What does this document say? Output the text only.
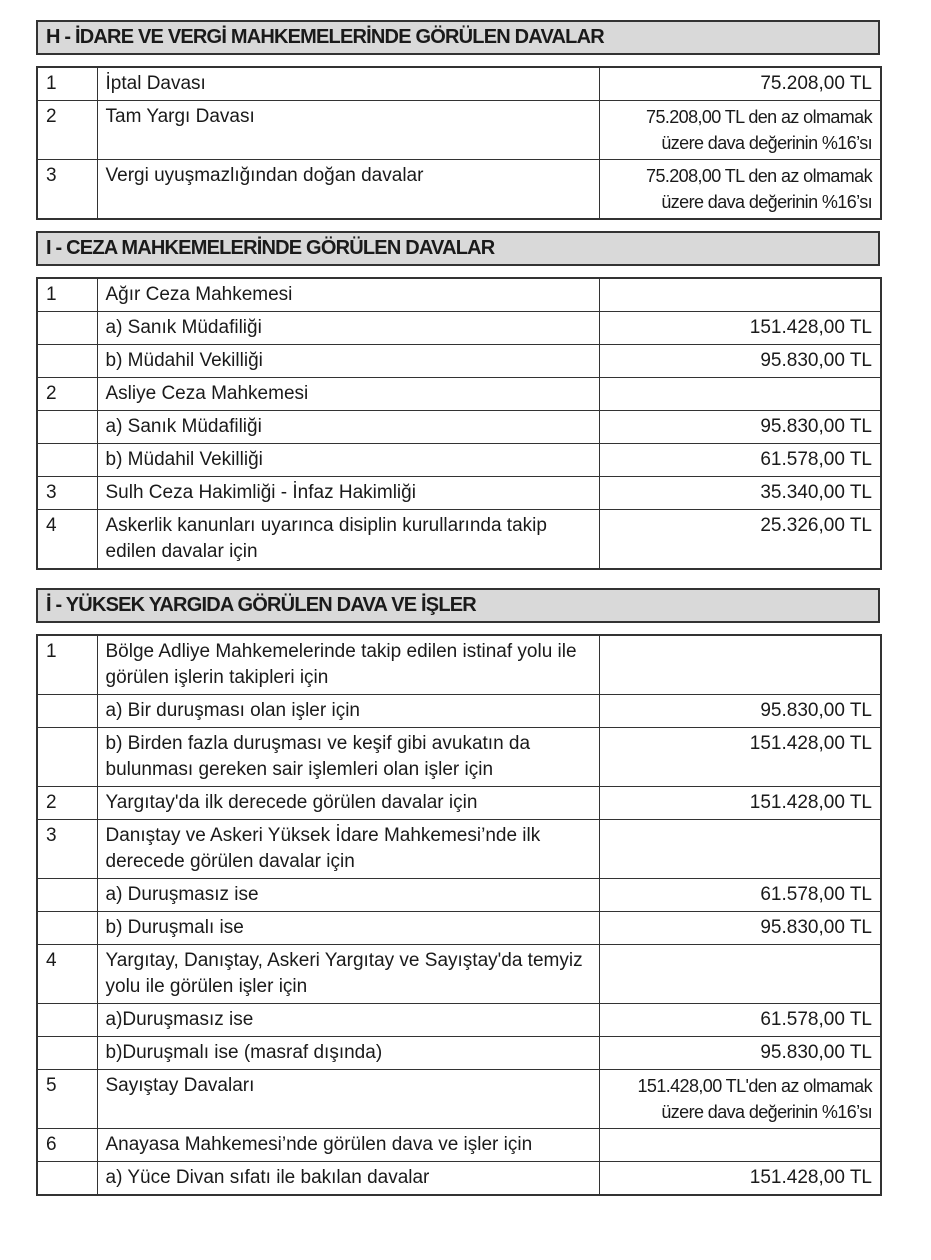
H - İDARE VE VERGİ MAHKEMELERİNDE GÖRÜLEN DAVALAR
1	İptal Davası	75.208,00 TL
2	Tam Yargı Davası	75.208,00 TL den az olmamak üzere dava değerinin %16’sı
3	Vergi uyuşmazlığından doğan davalar	75.208,00 TL den az olmamak üzere dava değerinin %16’sı
I - CEZA MAHKEMELERİNDE GÖRÜLEN DAVALAR
1	Ağır Ceza Mahkemesi	
	a) Sanık Müdafiliği	151.428,00 TL
	b) Müdahil Vekilliği	95.830,00 TL
2	Asliye Ceza Mahkemesi	
	a) Sanık Müdafiliği	95.830,00 TL
	b) Müdahil Vekilliği	61.578,00 TL
3	Sulh Ceza Hakimliği - İnfaz Hakimliği	35.340,00 TL
4	Askerlik kanunları uyarınca disiplin kurullarında takip edilen davalar için	25.326,00 TL
İ - YÜKSEK YARGIDA GÖRÜLEN DAVA VE İŞLER
1	Bölge Adliye Mahkemelerinde takip edilen istinaf yolu ile görülen işlerin takipleri için	
	a) Bir duruşması olan işler için	95.830,00 TL
	b) Birden fazla duruşması ve keşif gibi avukatın da bulunması gereken sair işlemleri olan işler için	151.428,00 TL
2	Yargıtay'da ilk derecede görülen davalar için	151.428,00 TL
3	Danıştay ve Askeri Yüksek İdare Mahkemesi’nde ilk derecede görülen davalar için	
	a) Duruşmasız ise	61.578,00 TL
	b) Duruşmalı ise	95.830,00 TL
4	Yargıtay, Danıştay, Askeri Yargıtay ve Sayıştay'da temyiz yolu ile görülen işler için	
	a)Duruşmasız ise	61.578,00 TL
	b)Duruşmalı ise (masraf dışında)	95.830,00 TL
5	Sayıştay Davaları	151.428,00 TL'den az olmamak üzere dava değerinin %16’sı
6	Anayasa Mahkemesi’nde görülen dava ve işler için	
	a) Yüce Divan sıfatı ile bakılan davalar	151.428,00 TL
